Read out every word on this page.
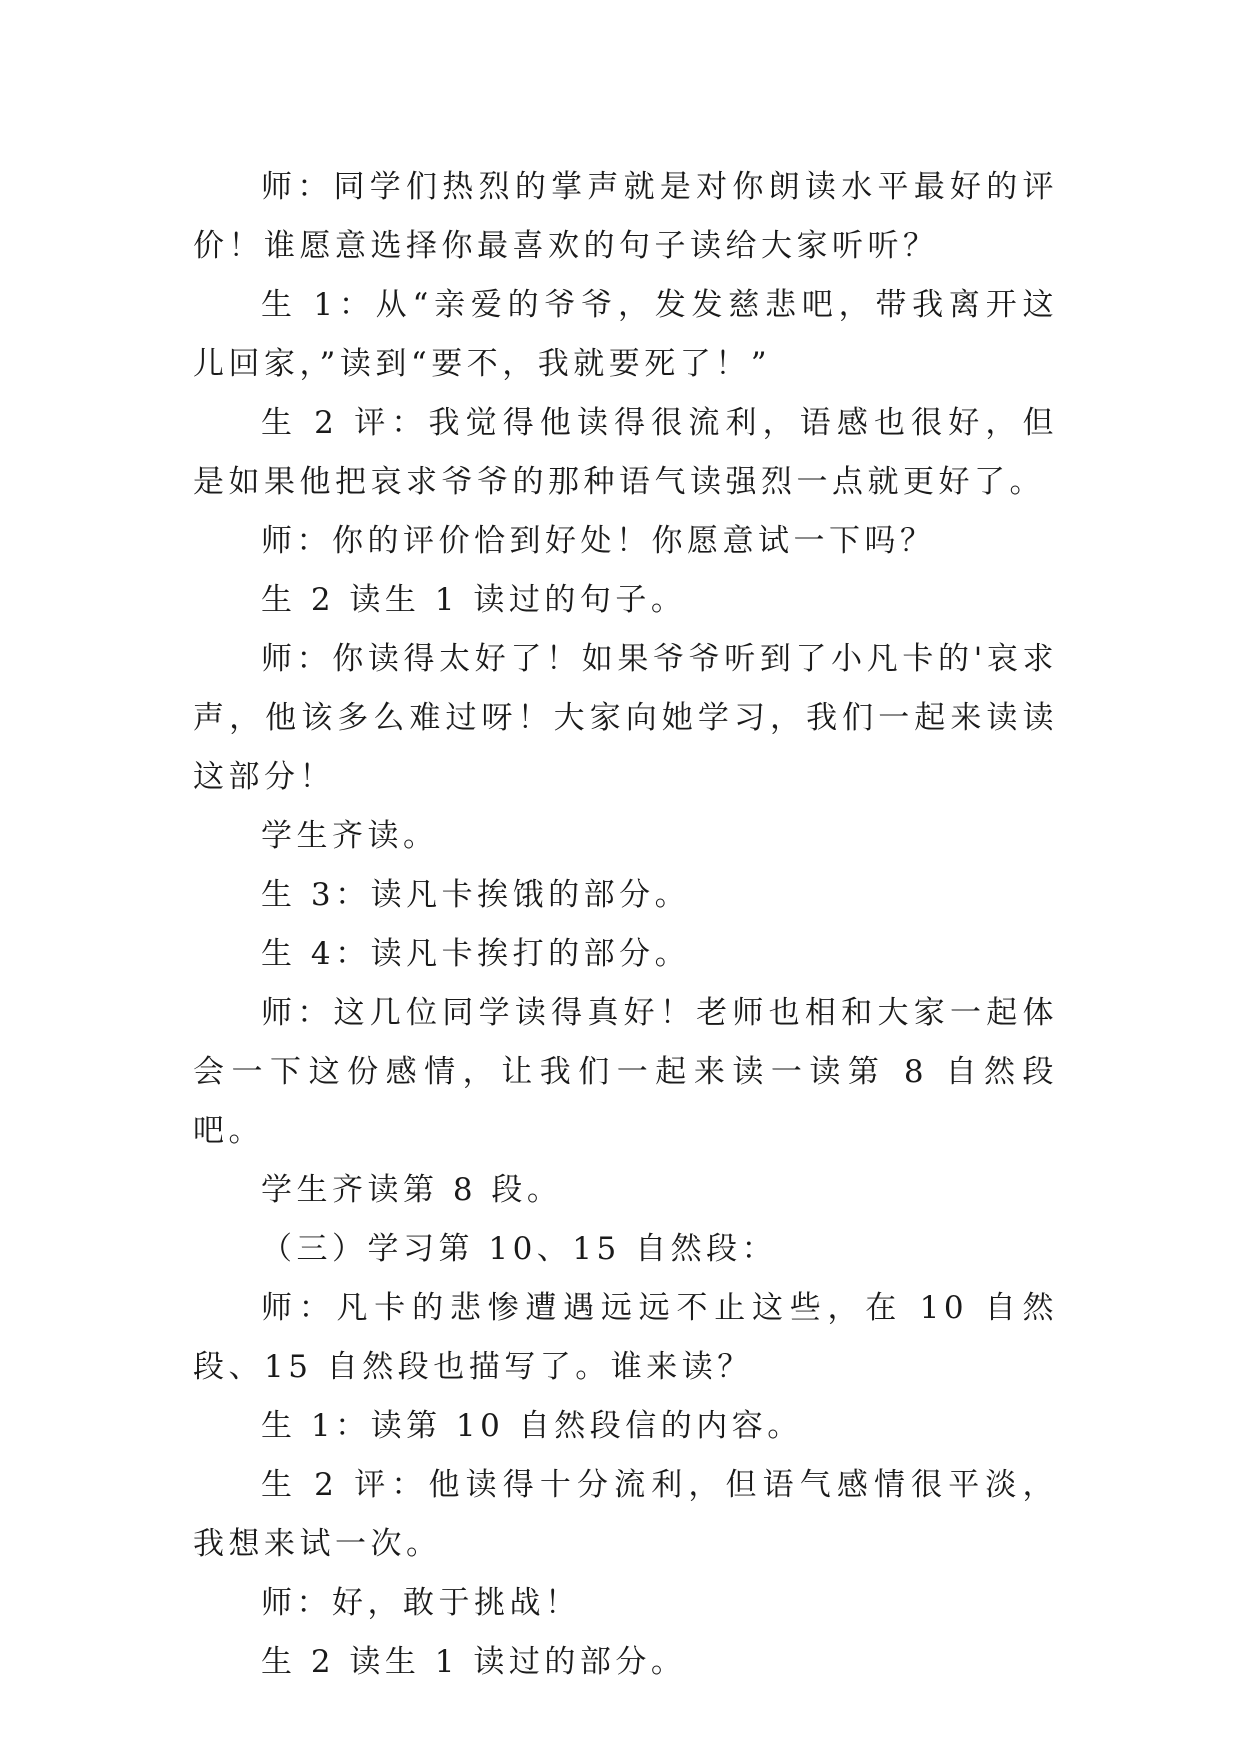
师：同学们热烈的掌声就是对你朗读水平最好的评价！谁愿意选择你最喜欢的句子读给大家听听？

生 1：从“亲爱的爷爷，发发慈悲吧，带我离开这儿回家，”读到“要不，我就要死了！”

生 2 评：我觉得他读得很流利，语感也很好，但是如果他把哀求爷爷的那种语气读强烈一点就更好了。

师：你的评价恰到好处！你愿意试一下吗？

生 2 读生 1 读过的句子。

师：你读得太好了！如果爷爷听到了小凡卡的'哀求声，他该多么难过呀！大家向她学习，我们一起来读读这部分！

学生齐读。

生 3：读凡卡挨饿的部分。

生 4：读凡卡挨打的部分。

师：这几位同学读得真好！老师也相和大家一起体会一下这份感情，让我们一起来读一读第 8 自然段吧。

学生齐读第 8 段。

（三）学习第 10、15 自然段：

师：凡卡的悲惨遭遇远远不止这些，在 10 自然段、15 自然段也描写了。谁来读？

生 1：读第 10 自然段信的内容。

生 2 评：他读得十分流利，但语气感情很平淡，我想来试一次。

师：好，敢于挑战！

生 2 读生 1 读过的部分。
